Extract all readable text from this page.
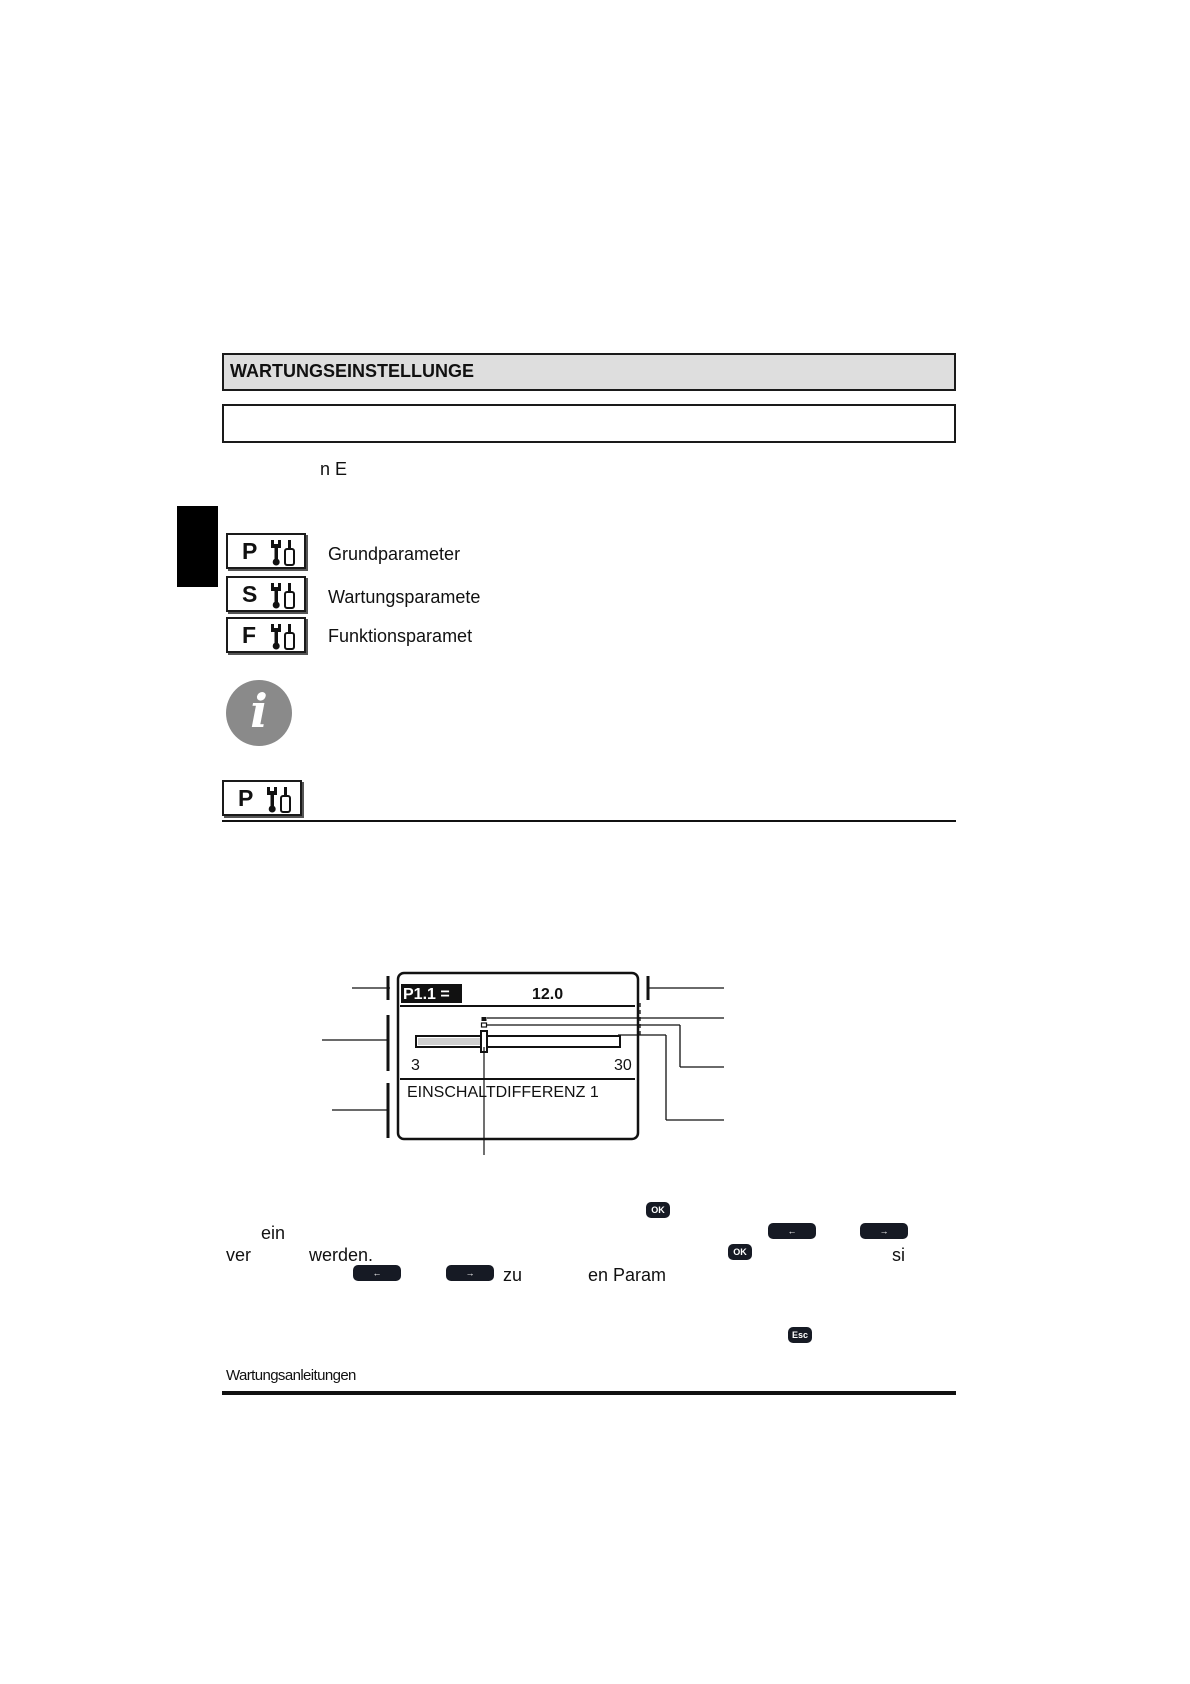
WARTUNGSEINSTELLUNGE
n E
P	Grundparameter
S	Wartungsparamete
F	Funktionsparamet
i
P
P1.1 =	12.0
3	30
EINSCHALTDIFFERENZ 1
OK
ein	←	→
ver	werden.	OK	si
←	→	zu	en Param
Esc
Wartungsanleitungen
